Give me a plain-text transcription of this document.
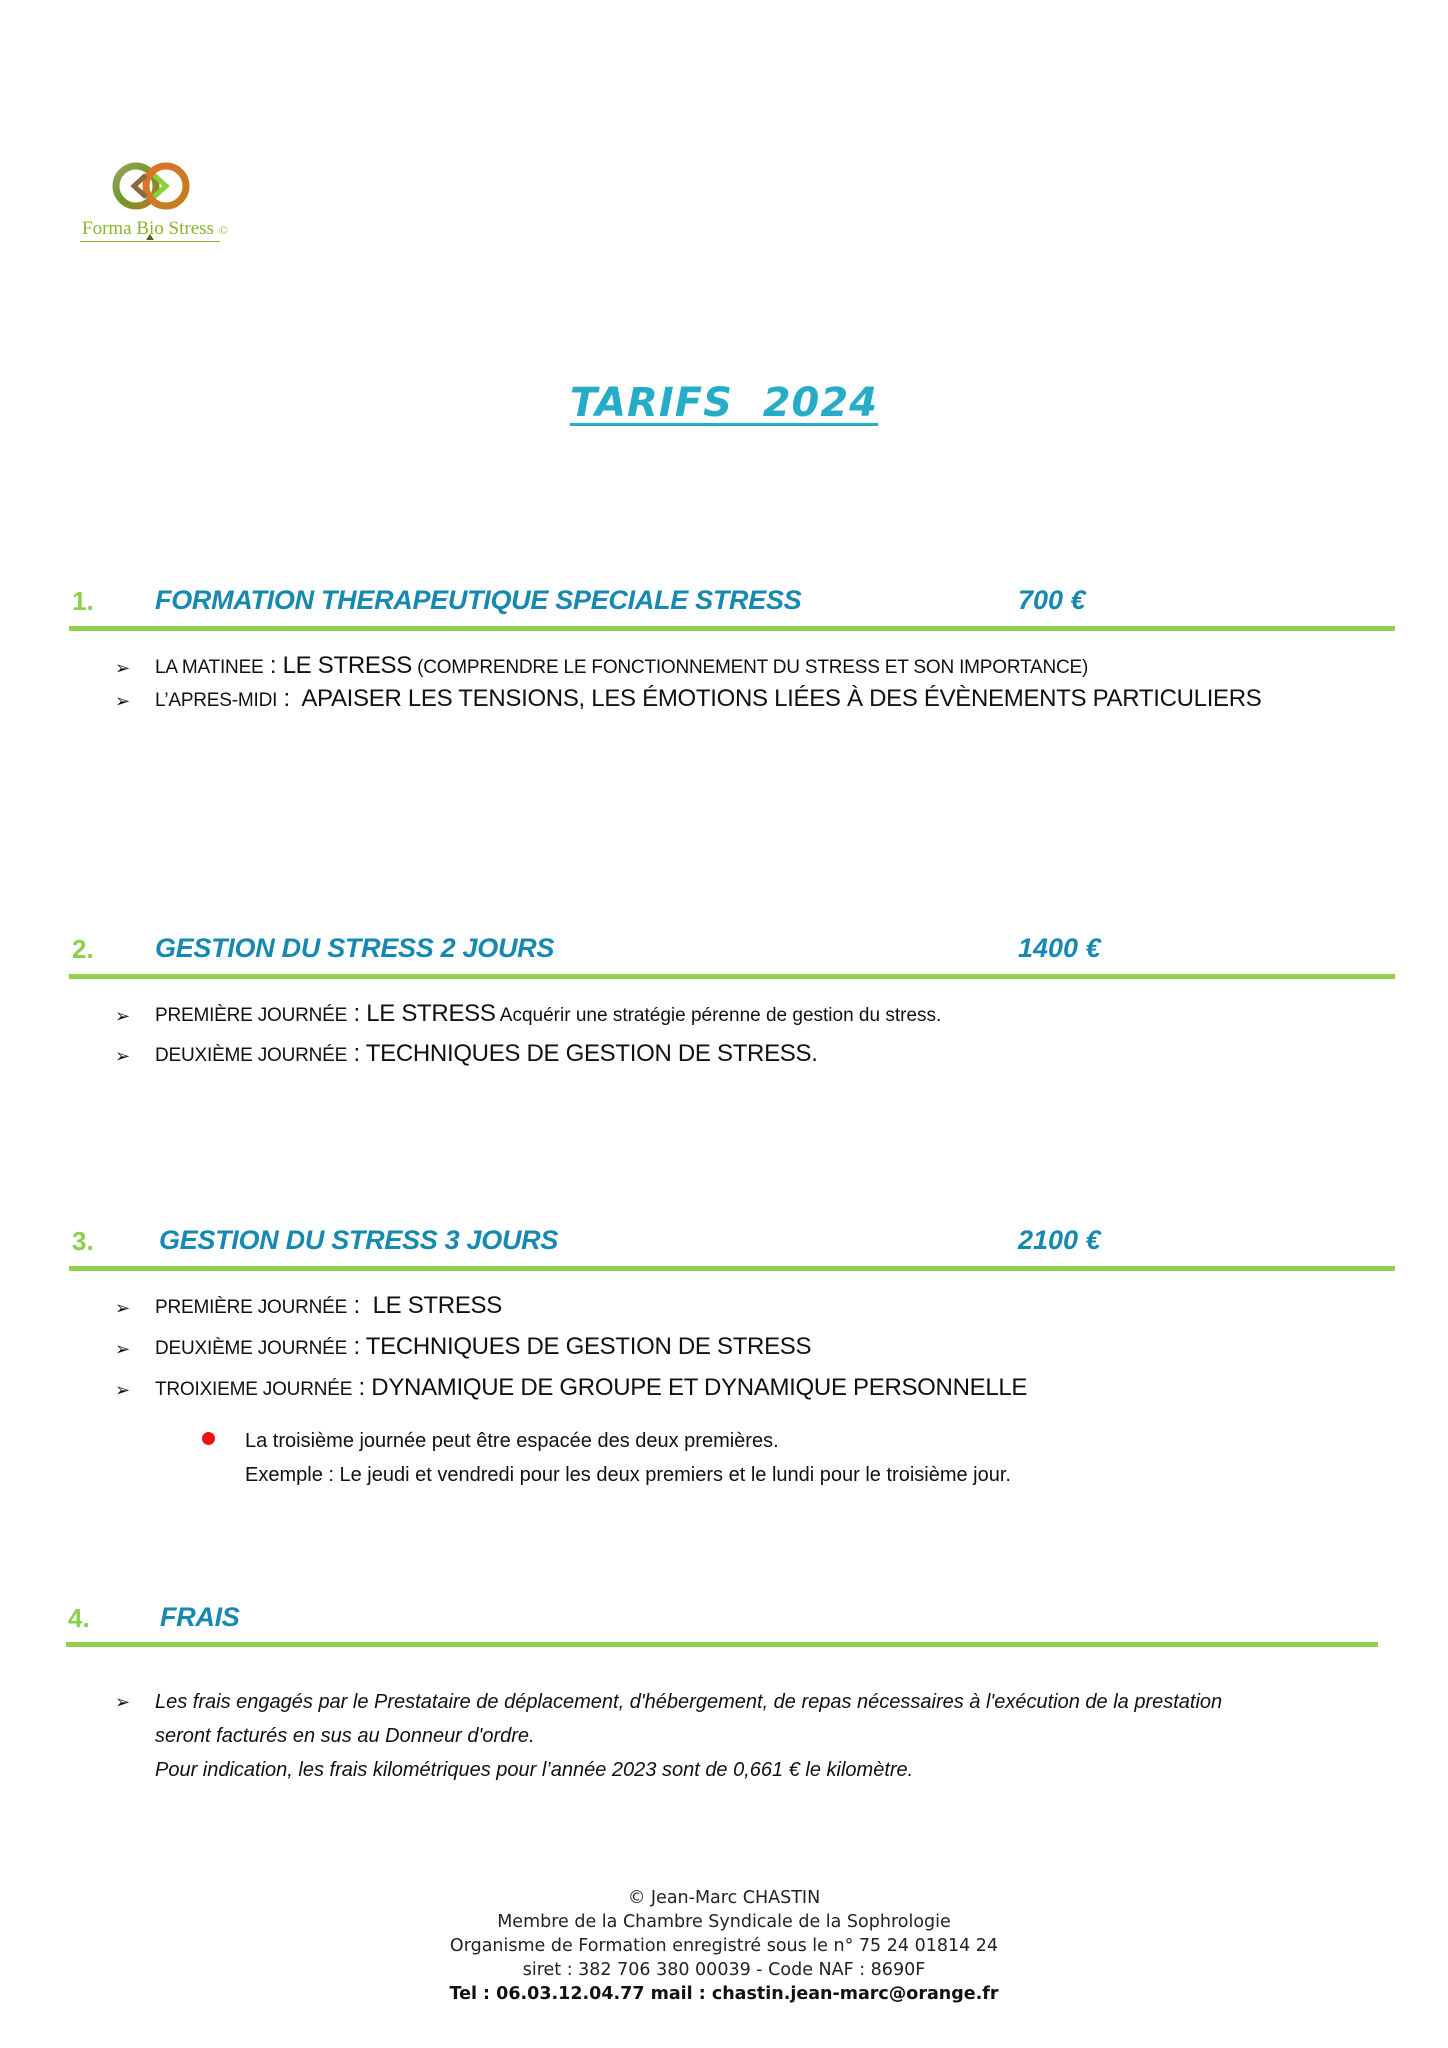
Forma Bio Stress ©
TARIFS  2024
1. FORMATION THERAPEUTIQUE SPECIALE STRESS	700 €
➢ LA MATINEE : LE STRESS (COMPRENDRE LE FONCTIONNEMENT DU STRESS ET SON IMPORTANCE)
➢ L’APRES-MIDI :  APAISER LES TENSIONS, LES ÉMOTIONS LIÉES À DES ÉVÈNEMENTS PARTICULIERS
2. GESTION DU STRESS 2 JOURS	1400 €
➢ PREMIÈRE JOURNÉE : LE STRESS Acquérir une stratégie pérenne de gestion du stress.
➢ DEUXIÈME JOURNÉE : TECHNIQUES DE GESTION DE STRESS.
3. GESTION DU STRESS 3 JOURS	2100 €
➢ PREMIÈRE JOURNÉE :  LE STRESS
➢ DEUXIÈME JOURNÉE : TECHNIQUES DE GESTION DE STRESS
➢ TROIXIEME JOURNÉE : DYNAMIQUE DE GROUPE ET DYNAMIQUE PERSONNELLE
La troisième journée peut être espacée des deux premières.
Exemple : Le jeudi et vendredi pour les deux premiers et le lundi pour le troisième jour.
4.	FRAIS
➢	Les frais engagés par le Prestataire de déplacement, d'hébergement, de repas nécessaires à l'exécution de la prestation
seront facturés en sus au Donneur d'ordre.
Pour indication, les frais kilométriques pour l’année 2023 sont de 0,661 € le kilomètre.
© Jean-Marc CHASTIN
Membre de la Chambre Syndicale de la Sophrologie
Organisme de Formation enregistré sous le n° 75 24 01814 24
siret : 382 706 380 00039 - Code NAF : 8690F
Tel : 06.03.12.04.77 mail : chastin.jean-marc@orange.fr
